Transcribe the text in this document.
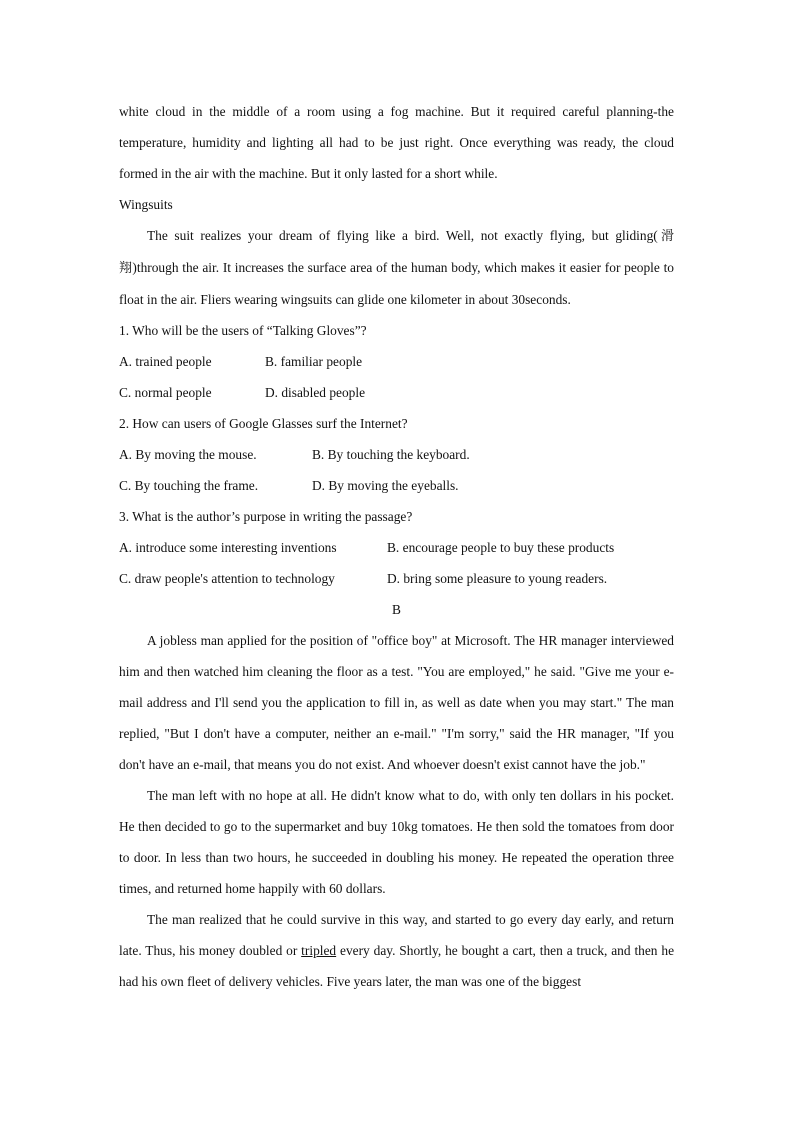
white cloud in the middle of a room using a fog machine. But it required careful planning-the

temperature, humidity and lighting all had to be just right. Once everything was ready, the cloud

formed in the air with the machine. But it only lasted for a short while.

Wingsuits

The suit realizes your dream of flying like a bird. Well, not exactly flying, but gliding(滑翔)through the air. It increases the surface area of the human body, which makes it easier for people to float in the air. Fliers wearing wingsuits can glide one kilometer in about 30seconds.

1. Who will be the users of “Talking Gloves”?

A. trained people	B. familiar people
C. normal people	D. disabled people

2. How can users of Google Glasses surf the Internet?

A. By moving the mouse.	B. By touching the keyboard.
C. By touching the frame.	D. By moving the eyeballs.

3. What is the author’s purpose in writing the passage?

A. introduce some interesting inventions	B. encourage people to buy these products
C. draw people's attention to technology	D. bring some pleasure to young readers.

B

A jobless man applied for the position of "office boy" at Microsoft. The HR manager interviewed him and then watched him cleaning the floor as a test. "You are employed," he said. "Give me your e-mail address and I'll send you the application to fill in, as well as date when you may start." The man replied, "But I don't have a computer, neither an e-mail." "I'm sorry," said the HR manager, "If you don't have an e-mail, that means you do not exist. And whoever doesn't exist cannot have the job."

The man left with no hope at all. He didn't know what to do, with only ten dollars in his pocket. He then decided to go to the supermarket and buy 10kg tomatoes. He then sold the tomatoes from door to door. In less than two hours, he succeeded in doubling his money. He repeated the operation three times, and returned home happily with 60 dollars.

The man realized that he could survive in this way, and started to go every day early, and return late. Thus, his money doubled or tripled every day. Shortly, he bought a cart, then a truck, and then he had his own fleet of delivery vehicles. Five years later, the man was one of the biggest
